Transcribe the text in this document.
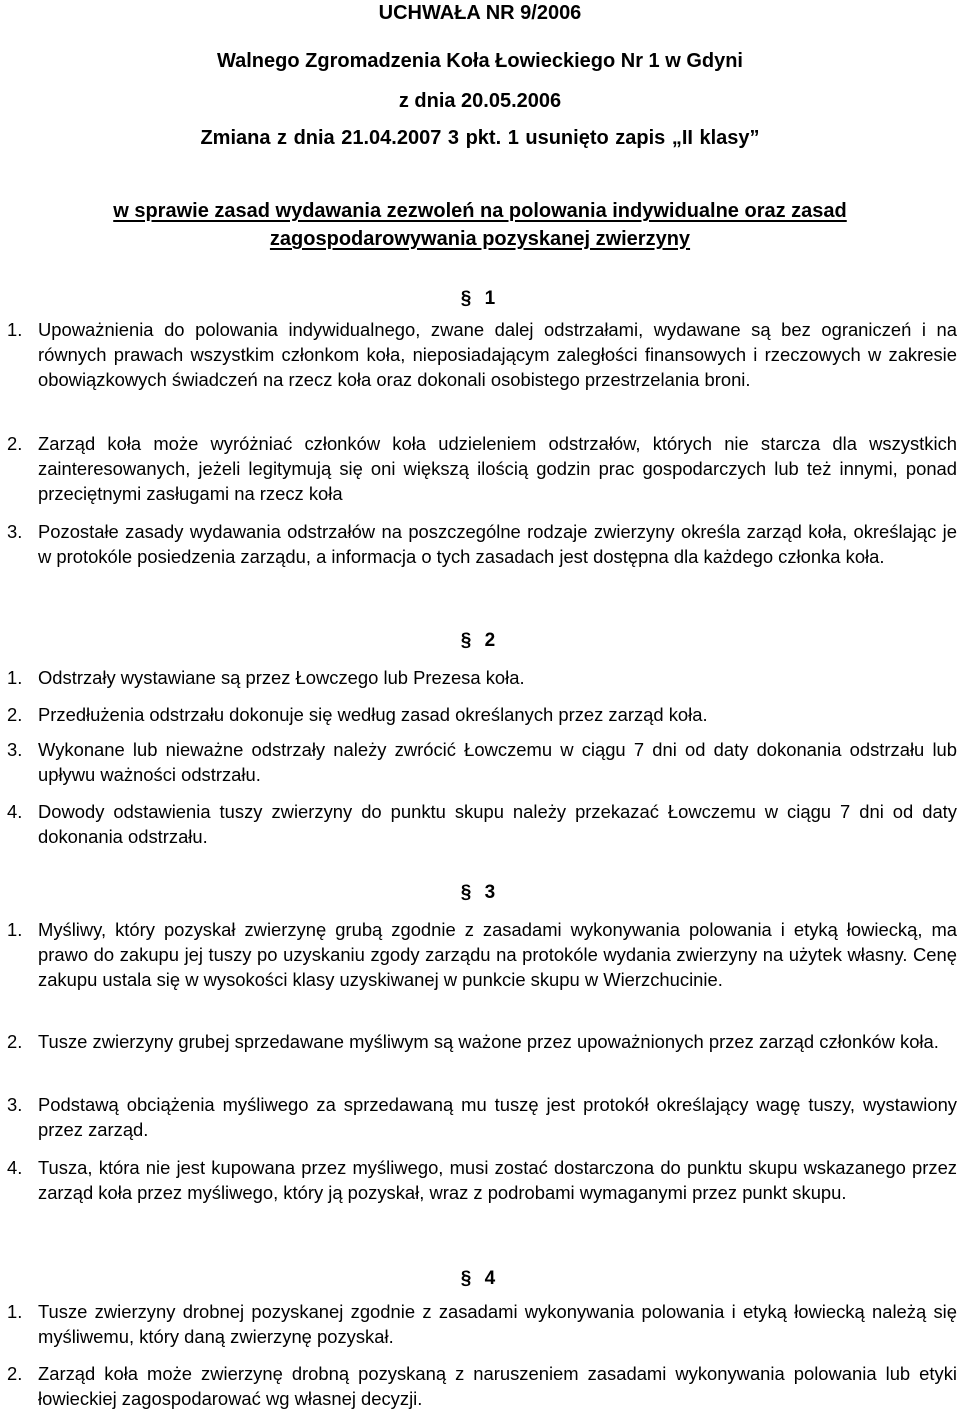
UCHWAŁA NR 9/2006
Walnego Zgromadzenia Koła Łowieckiego Nr 1 w Gdyni
z dnia 20.05.2006
Zmiana z dnia 21.04.2007 3 pkt. 1 usunięto zapis „II klasy”
w sprawie zasad wydawania zezwoleń na polowania indywidualne oraz zasad
zagospodarowywania pozyskanej zwierzyny
§ 1
1. Upoważnienia do polowania indywidualnego, zwane dalej odstrzałami, wydawane są bez ograniczeń i na równych prawach wszystkim członkom koła, nieposiadającym zaległości finansowych i rzeczowych w zakresie obowiązkowych świadczeń na rzecz koła oraz dokonali osobistego przestrzelania broni.
2. Zarząd koła może wyróżniać członków koła udzieleniem odstrzałów, których nie starcza dla wszystkich zainteresowanych, jeżeli legitymują się oni większą ilością godzin prac gospodarczych lub też innymi, ponad przeciętnymi zasługami na rzecz koła
3. Pozostałe zasady wydawania odstrzałów na poszczególne rodzaje zwierzyny określa zarząd koła, określając je w protokóle posiedzenia zarządu, a informacja o tych zasadach jest dostępna dla każdego członka koła.
§ 2
1. Odstrzały wystawiane są przez Łowczego lub Prezesa koła.
2. Przedłużenia odstrzału dokonuje się według zasad określanych przez zarząd koła.
3. Wykonane lub nieważne odstrzały należy zwrócić Łowczemu w ciągu 7 dni od daty dokonania odstrzału lub upływu ważności odstrzału.
4. Dowody odstawienia tuszy zwierzyny do punktu skupu należy przekazać Łowczemu w ciągu 7 dni od daty dokonania odstrzału.
§ 3
1. Myśliwy, który pozyskał zwierzynę grubą zgodnie z zasadami wykonywania polowania i etyką łowiecką, ma prawo do zakupu jej tuszy po uzyskaniu zgody zarządu na protokóle wydania zwierzyny na użytek własny. Cenę zakupu ustala się w wysokości klasy uzyskiwanej w punkcie skupu w Wierzchucinie.
2. Tusze zwierzyny grubej sprzedawane myśliwym są ważone przez upoważnionych przez zarząd członków koła.
3. Podstawą obciążenia myśliwego za sprzedawaną mu tuszę jest protokół określający wagę tuszy, wystawiony przez zarząd.
4. Tusza, która nie jest kupowana przez myśliwego, musi zostać dostarczona do punktu skupu wskazanego przez zarząd koła przez myśliwego, który ją pozyskał, wraz z podrobami wymaganymi przez punkt skupu.
§ 4
1. Tusze zwierzyny drobnej pozyskanej zgodnie z zasadami wykonywania polowania i etyką łowiecką należą się myśliwemu, który daną zwierzynę pozyskał.
2. Zarząd koła może zwierzynę drobną pozyskaną z naruszeniem zasadami wykonywania polowania lub etyki łowieckiej zagospodarować wg własnej decyzji.
